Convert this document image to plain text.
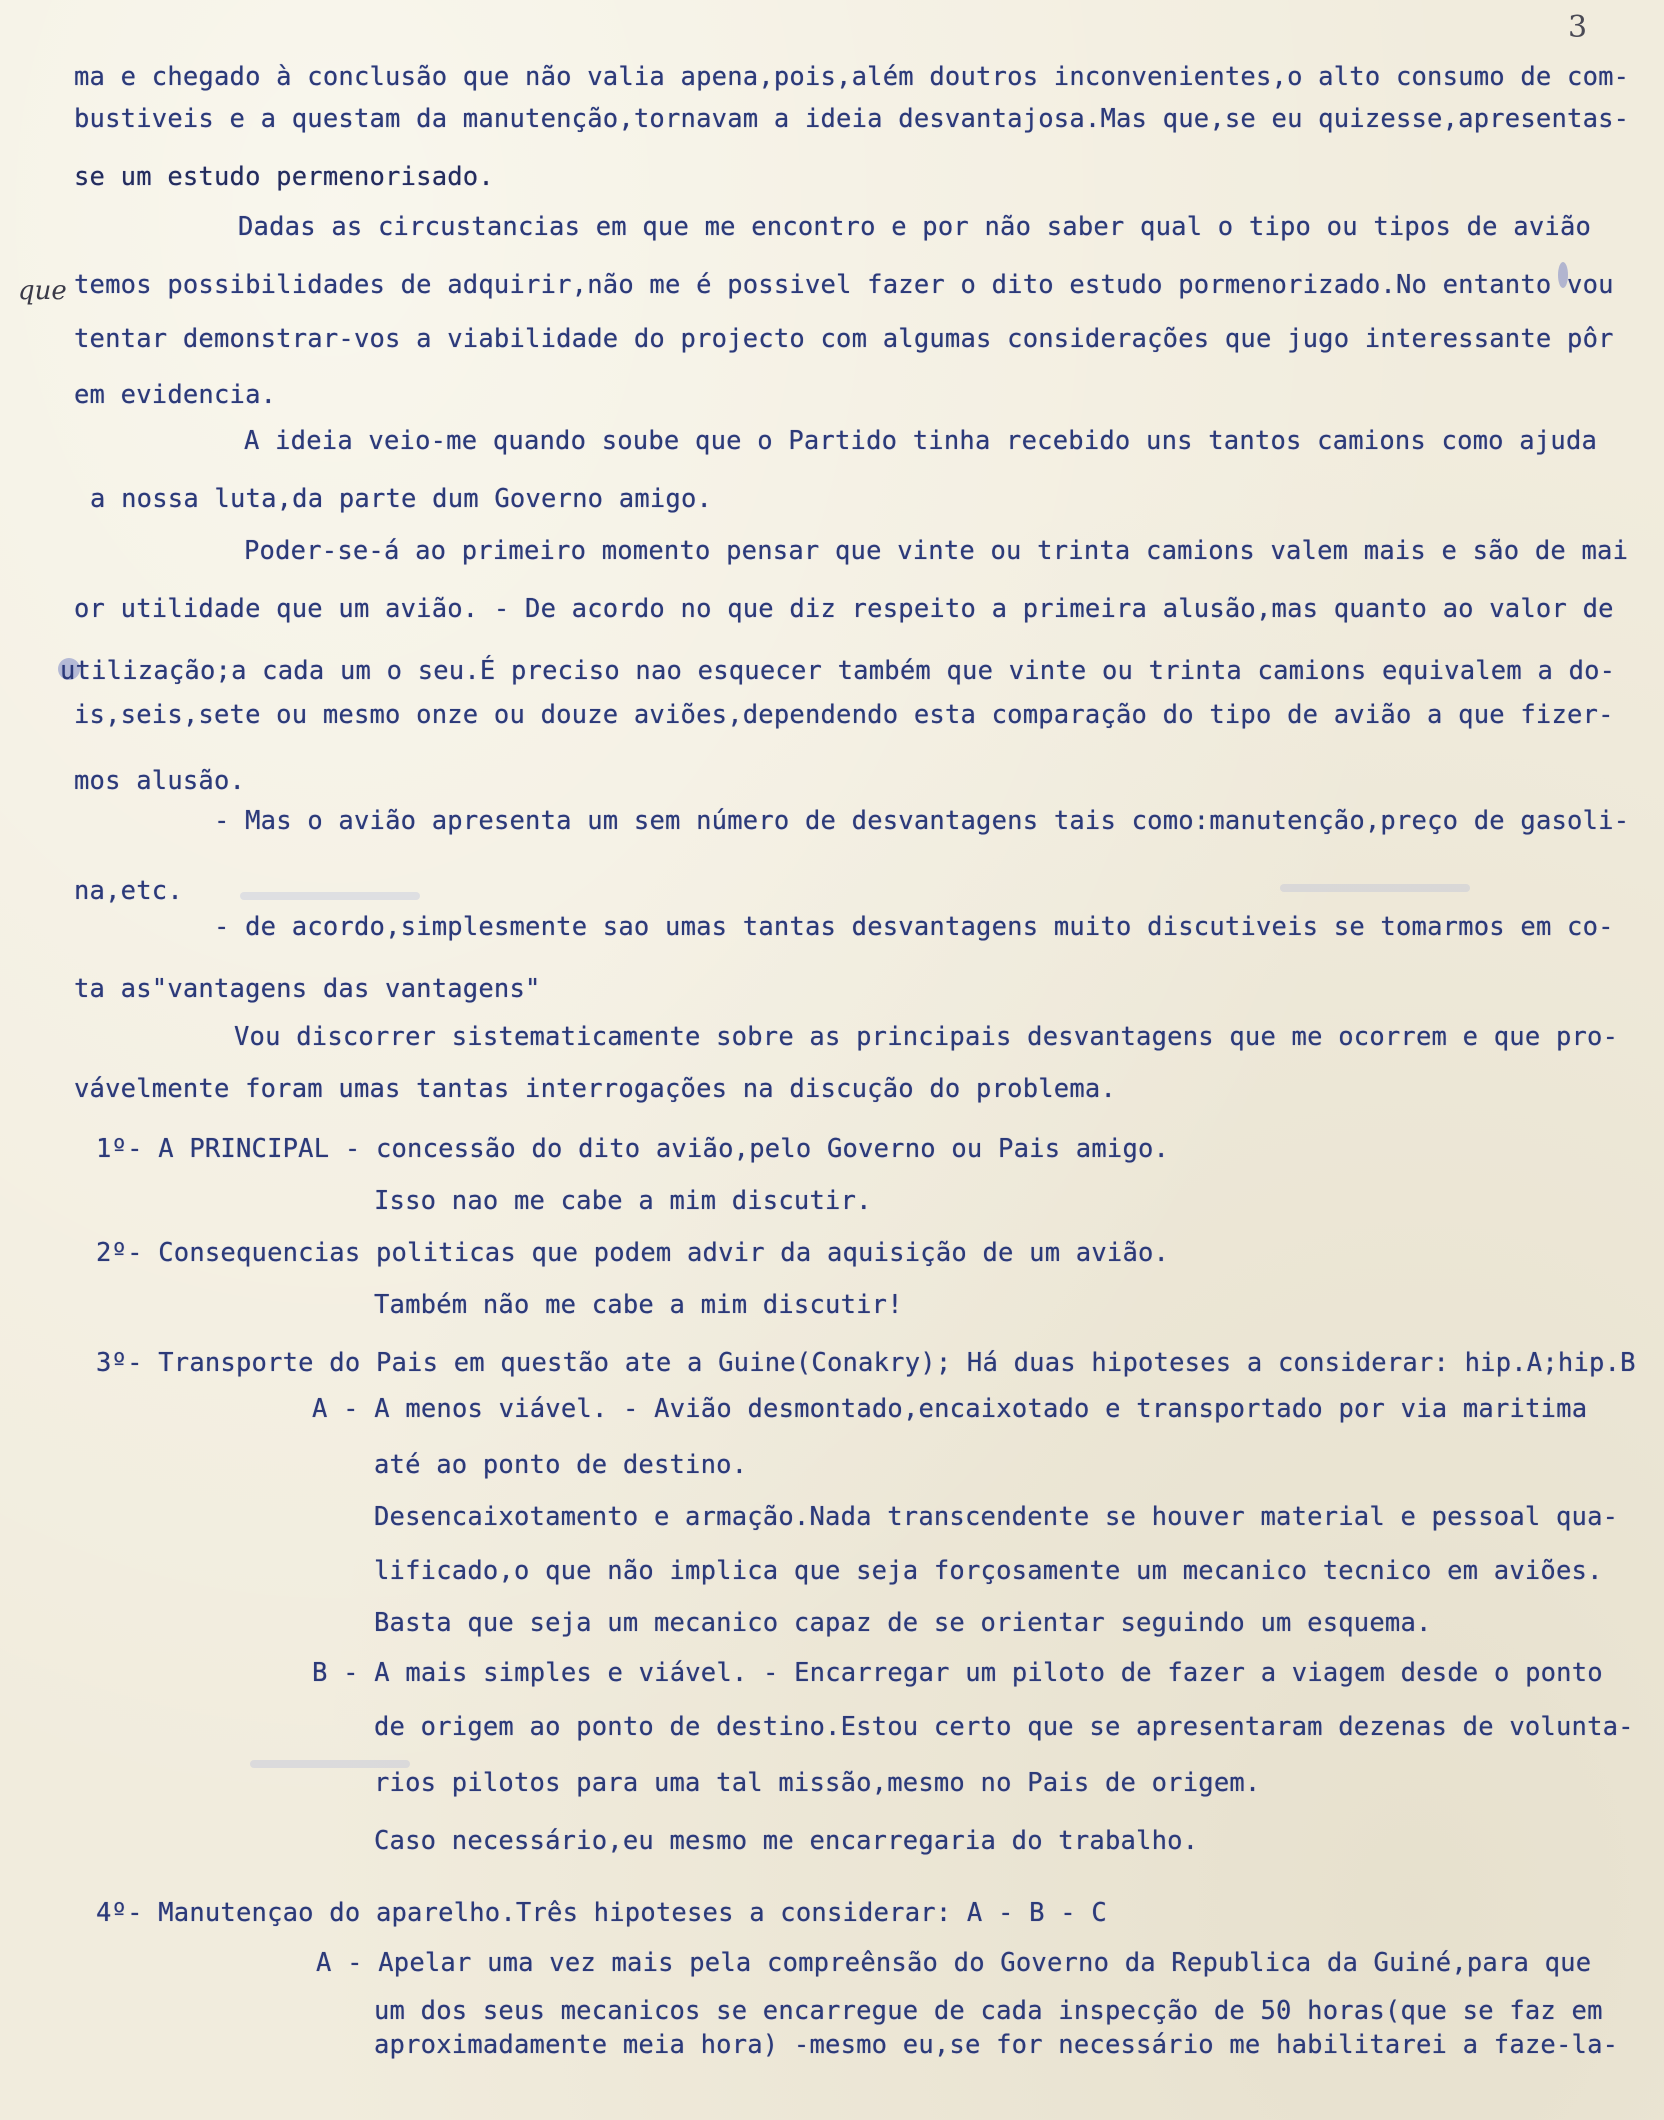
3
que
ma e chegado à conclusão que não valia apena,pois,além doutros inconvenientes,o alto consumo de com-
bustiveis e a questam da manutenção,tornavam a ideia desvantajosa.Mas que,se eu quizesse,apresentas-
se um estudo permenorisado.
Dadas as circustancias em que me encontro e por não saber qual o tipo ou tipos de avião
temos possibilidades de adquirir,não me é possivel fazer o dito estudo pormenorizado.No entanto vou
tentar demonstrar-vos a viabilidade do projecto com algumas considerações que jugo interessante pôr
em evidencia.
A ideia veio-me quando soube que o Partido tinha recebido uns tantos camions como ajuda
a nossa luta,da parte dum Governo amigo.
Poder-se-á ao primeiro momento pensar que vinte ou trinta camions valem mais e são de mai
or utilidade que um avião. - De acordo no que diz respeito a primeira alusão,mas quanto ao valor de
utilização;a cada um o seu.É preciso nao esquecer também que vinte ou trinta camions equivalem a do-
is,seis,sete ou mesmo onze ou douze aviões,dependendo esta comparação do tipo de avião a que fizer-
mos alusão.
- Mas o avião apresenta um sem número de desvantagens tais como:manutenção,preço de gasoli-
na,etc.
- de acordo,simplesmente sao umas tantas desvantagens muito discutiveis se tomarmos em co-
ta as"vantagens das vantagens"
Vou discorrer sistematicamente sobre as principais desvantagens que me ocorrem e que pro-
vávelmente foram umas tantas interrogações na discução do problema.
1º- A PRINCIPAL - concessão do dito avião,pelo Governo ou Pais amigo.
Isso nao me cabe a mim discutir.
2º- Consequencias politicas que podem advir da aquisição de um avião.
Também não me cabe a mim discutir!
3º- Transporte do Pais em questão ate a Guine(Conakry); Há duas hipoteses a considerar: hip.A;hip.B
A - A menos viável. - Avião desmontado,encaixotado e transportado por via maritima
até ao ponto de destino.
Desencaixotamento e armação.Nada transcendente se houver material e pessoal qua-
lificado,o que não implica que seja forçosamente um mecanico tecnico em aviões.
Basta que seja um mecanico capaz de se orientar seguindo um esquema.
B - A mais simples e viável. - Encarregar um piloto de fazer a viagem desde o ponto
de origem ao ponto de destino.Estou certo que se apresentaram dezenas de volunta-
rios pilotos para uma tal missão,mesmo no Pais de origem.
Caso necessário,eu mesmo me encarregaria do trabalho.
4º- Manutençao do aparelho.Três hipoteses a considerar: A - B - C
A - Apelar uma vez mais pela compreênsão do Governo da Republica da Guiné,para que
um dos seus mecanicos se encarregue de cada inspecção de 50 horas(que se faz em
aproximadamente meia hora) -mesmo eu,se for necessário me habilitarei a faze-la-
